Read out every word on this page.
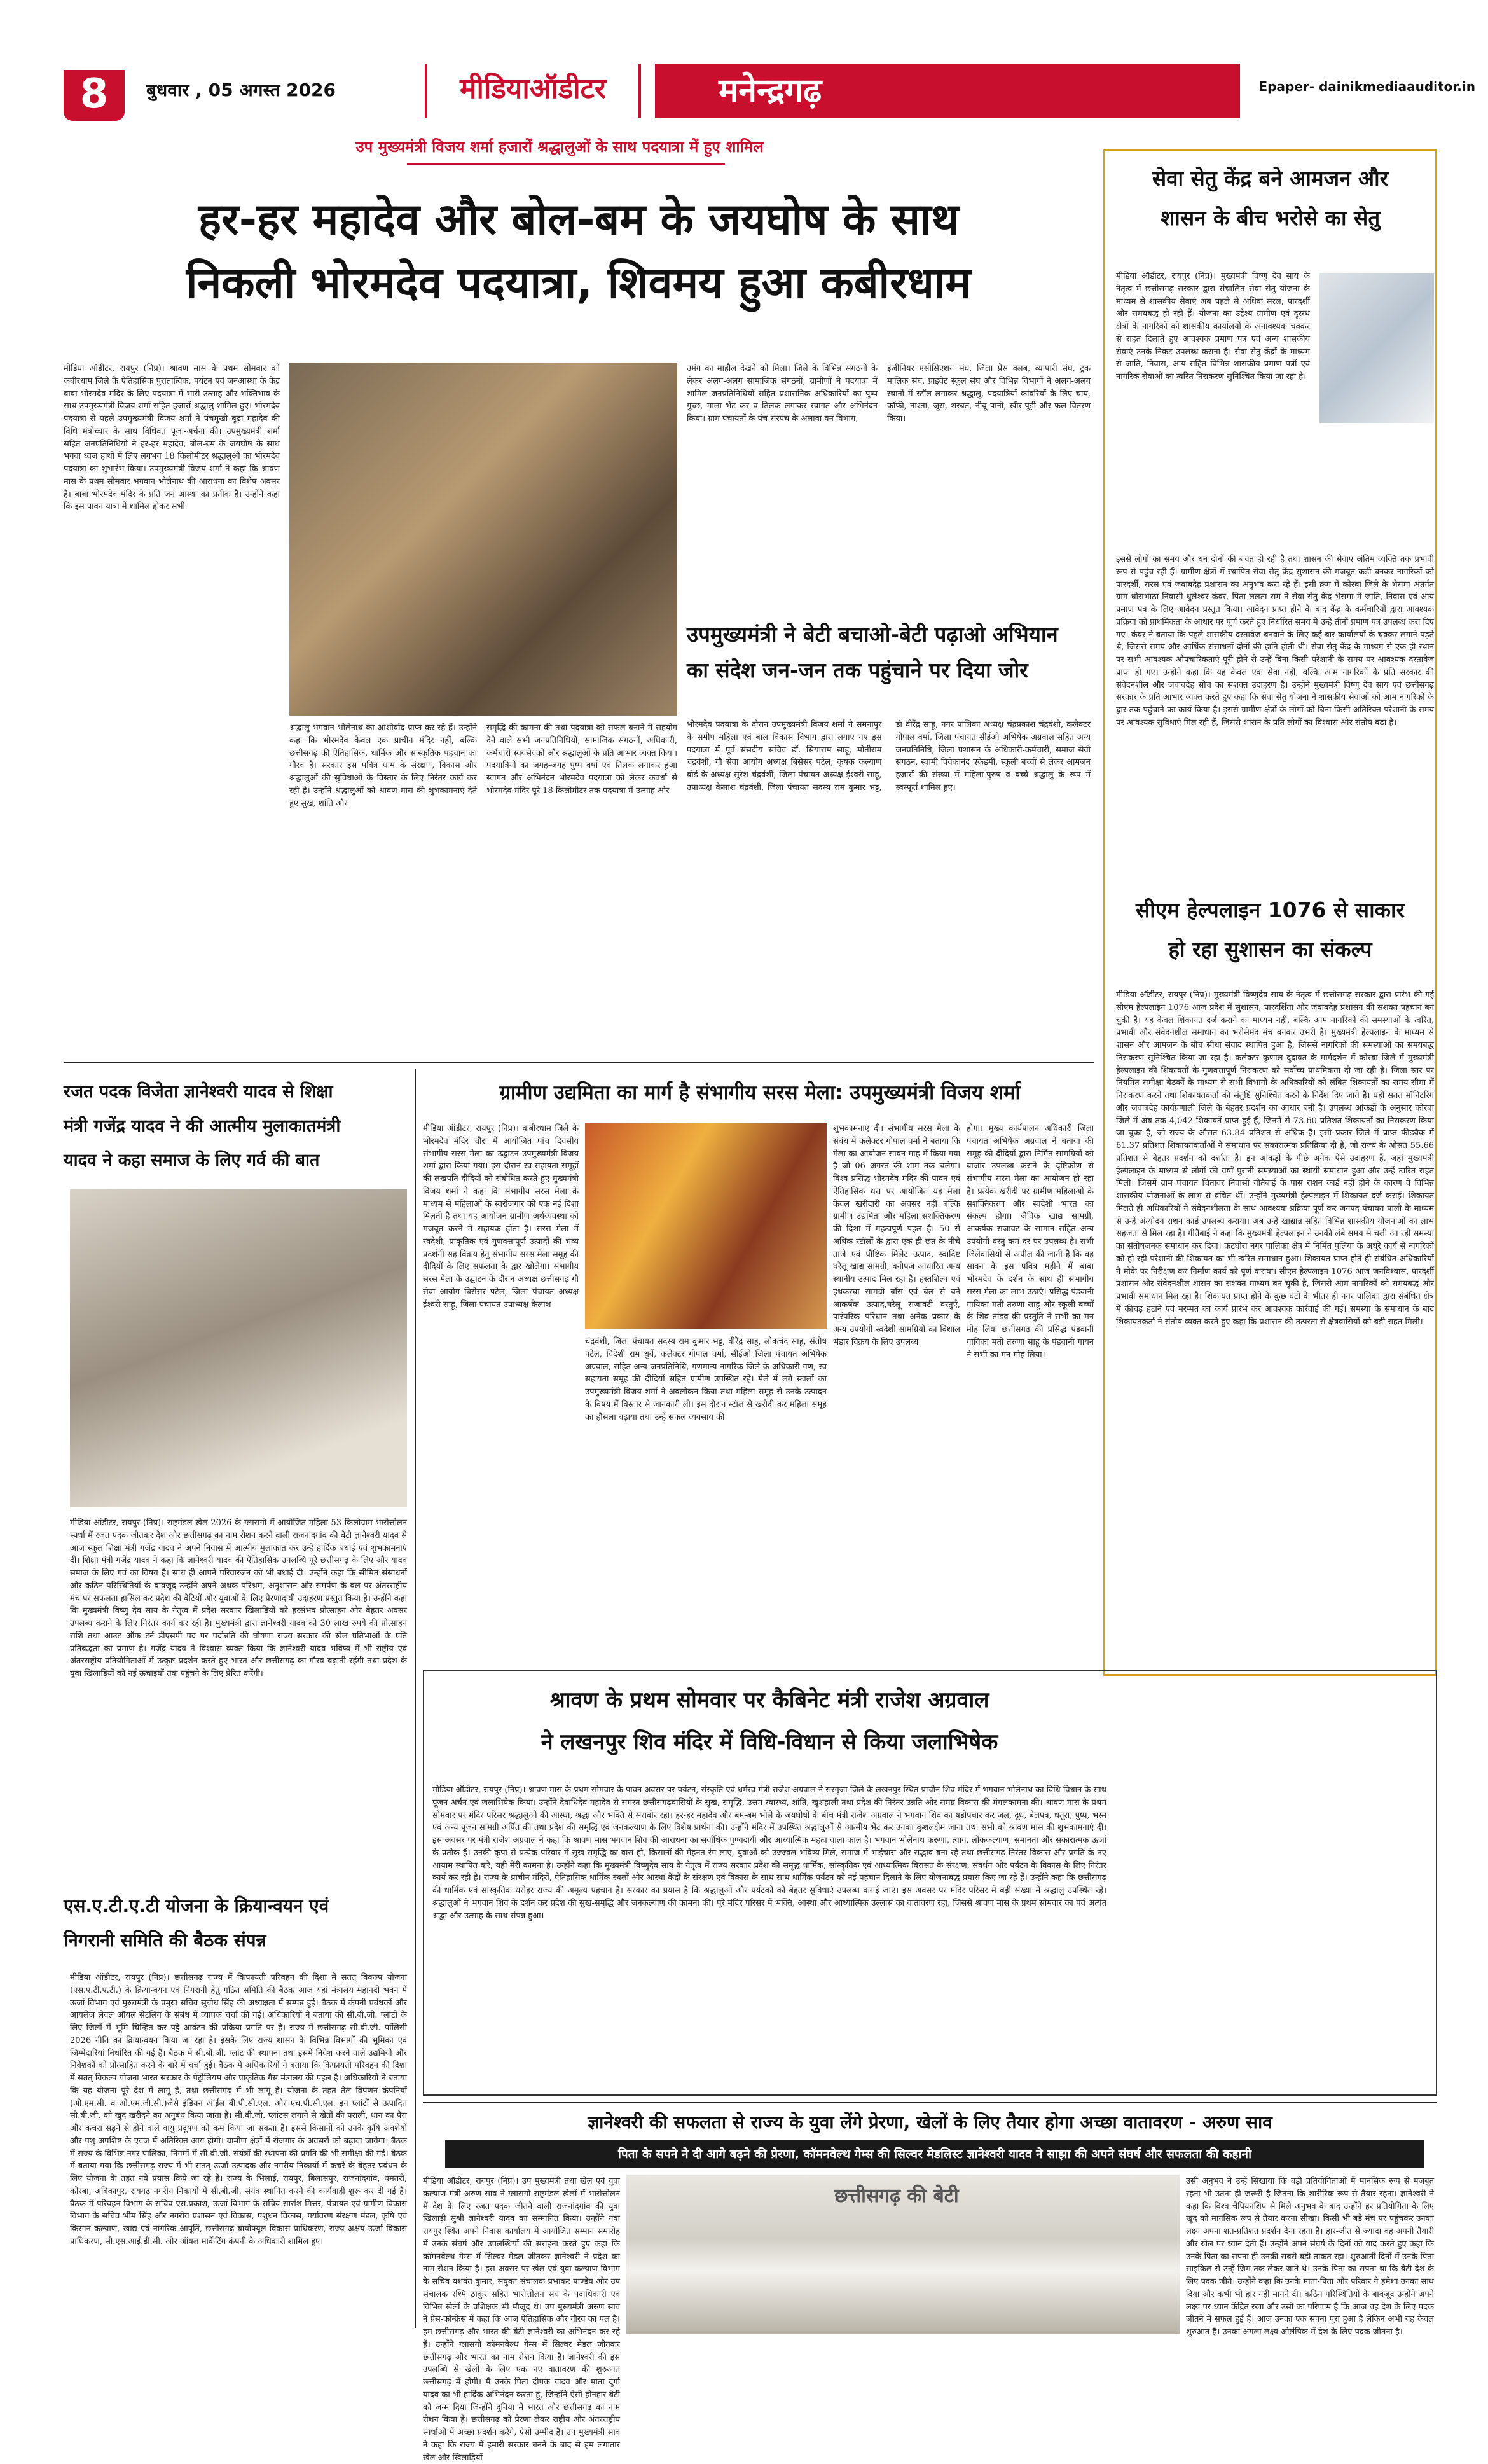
8	बुधवार , 05 अगस्त 2026	मीडियाऑडीटर	मनेन्द्रगढ़	Epaper- dainikmediaauditor.in
उप मुख्यमंत्री विजय शर्मा हजारों श्रद्धालुओं के साथ पदयात्रा में हुए शामिल
हर-हर महादेव और बोल-बम के जयघोष के साथ
निकली भोरमदेव पदयात्रा, शिवमय हुआ कबीरधाम

मीडिया ऑडीटर, रायपुर (निप्र)। श्रावण मास के प्रथम सोमवार को कबीरधाम जिले के ऐतिहासिक पुरातात्विक, पर्यटन एवं जनआस्था के केंद्र बाबा भोरमदेव मंदिर के लिए पदयात्रा में भारी उत्साह और भक्तिभाव के साथ उपमुख्यमंत्री विजय शर्मा सहित हजारों श्रद्धालु शामिल हुए। भोरमदेव पदयात्रा से पहले उपमुख्यमंत्री विजय शर्मा ने पंचमुखी बूढ़ा महादेव की विधि मंत्रोच्चार के साथ विधिवत पूजा-अर्चना की। उपमुख्यमंत्री शर्मा सहित जनप्रतिनिधियों ने हर-हर महादेव, बोल-बम के जयघोष के साथ भगवा ध्वज हाथों में लिए लगभग 18 किलोमीटर श्रद्धालुओं का भोरमदेव पदयात्रा का शुभारंभ किया। उपमुख्यमंत्री विजय शर्मा ने कहा कि श्रावण मास के प्रथम सोमवार भगवान भोलेनाथ की आराधना का विशेष अवसर है। बाबा भोरमदेव मंदिर के प्रति जन आस्था का प्रतीक है। उन्होंने कहा कि इस पावन यात्रा में शामिल होकर सभी

श्रद्धालु भगवान भोलेनाथ का आशीर्वाद प्राप्त कर रहे हैं। उन्होंने कहा कि भोरमदेव केवल एक प्राचीन मंदिर नहीं, बल्कि छत्तीसगढ़ की ऐतिहासिक, धार्मिक और सांस्कृतिक पहचान का गौरव है। सरकार इस पवित्र धाम के संरक्षण, विकास और श्रद्धालुओं की सुविधाओं के विस्तार के लिए निरंतर कार्य कर रही है। उन्होंने श्रद्धालुओं को श्रावण मास की शुभकामनाएं देते हुए सुख, शांति और

समृद्धि की कामना की तथा पदयात्रा को सफल बनाने में सहयोग देने वाले सभी जनप्रतिनिधियों, सामाजिक संगठनों, अधिकारी, कर्मचारी स्वयंसेवकों और श्रद्धालुओं के प्रति आभार व्यक्त किया।पदयात्रियों का जगह-जगह पुष्प वर्षा एवं तिलक लगाकर हुआ स्वागत और अभिनंदन भोरमदेव पदयात्रा को लेकर कवर्धा से भोरमदेव मंदिर पूरे 18 किलोमीटर तक पदयात्रा में उत्साह और

उमंग का माहौल देखने को मिला। जिले के विभिन्न संगठनों के लेकर अलग-अलग सामाजिक संगठनों, ग्रामीणों ने पदयात्रा में शामिल जनप्रतिनिधियों सहित प्रशासनिक अधिकारियों का पुष्प गुच्छ, माला भेंट कर व तिलक लगाकर स्वागत और अभिनंदन किया। ग्राम पंचायतों के पंच-सरपंच के अलावा वन विभाग,

इंजीनियर एसोसिएशन संघ, जिला प्रेस क्लब, व्यापारी संघ, ट्रक मालिक संघ, प्राइवेट स्कूल संघ और विभिन्न विभागों ने अलग-अलग स्थानों में स्टॉल लगाकर श्रद्धालु, पदयात्रियों कांवरियों के लिए चाय, कॉफी, नाश्ता, जूस, शरबत, नीबू पानी, खीर-पुड़ी और फल वितरण किया।

उपमुख्यमंत्री ने बेटी बचाओ-बेटी पढ़ाओ अभियान
का संदेश जन-जन तक पहुंचाने पर दिया जोर

भोरमदेव पदयात्रा के दौरान उपमुख्यमंत्री विजय शर्मा ने समनापुर के समीप महिला एवं बाल विकास विभाग द्वारा लगाए गए इस पदयात्रा में पूर्व संसदीय सचिव डॉ. सियाराम साहू, मोतीराम चंद्रवंशी, गौ सेवा आयोग अध्यक्ष बिसेसर पटेल, कृषक कल्याण बोर्ड के अध्यक्ष सुरेश चंद्रवंशी, जिला पंचायत अध्यक्ष ईश्वरी साहू, उपाध्यक्ष कैलाश चंद्रवंशी, जिला पंचायत सदस्य राम कुमार भट्ट, डॉ वीरेंद्र साहू, नगर पालिका अध्यक्ष चंद्रप्रकाश चंद्रवंशी, कलेक्टर गोपाल वर्मा, जिला पंचायत सीईओ अभिषेक अग्रवाल सहित अन्य जनप्रतिनिधि, जिला प्रशासन के अधिकारी-कर्मचारी, समाज सेवी संगठन, स्वामी विवेकानंद एकेडमी, स्कूली बच्चों से लेकर आमजन हजारों की संख्या में महिला-पुरुष व बच्चे श्रद्धालु के रूप में स्वस्फूर्त शामिल हुए।

सेवा सेतु केंद्र बने आमजन और
शासन के बीच भरोसे का सेतु

मीडिया ऑडीटर, रायपुर (निप्र)। मुख्यमंत्री विष्णु देव साय के नेतृत्व में छत्तीसगढ़ सरकार द्वारा संचालित सेवा सेतु योजना के माध्यम से शासकीय सेवाएं अब पहले से अधिक सरल, पारदर्शी और समयबद्ध हो रही हैं। योजना का उद्देश्य ग्रामीण एवं दूरस्थ क्षेत्रों के नागरिकों को शासकीय कार्यालयों के अनावश्यक चक्कर से राहत दिलाते हुए आवश्यक प्रमाण पत्र एवं अन्य शासकीय सेवाएं उनके निकट उपलब्ध कराना है। सेवा सेतु केंद्रों के माध्यम से जाति, निवास, आय सहित विभिन्न शासकीय प्रमाण पत्रों एवं नागरिक सेवाओं का त्वरित निराकरण सुनिश्चित किया जा रहा है।

इससे लोगों का समय और धन दोनों की बचत हो रही है तथा शासन की सेवाएं अंतिम व्यक्ति तक प्रभावी रूप से पहुंच रही हैं। ग्रामीण क्षेत्रों में स्थापित सेवा सेतु केंद्र सुशासन की मजबूत कड़ी बनकर नागरिकों को पारदर्शी, सरल एवं जवाबदेह प्रशासन का अनुभव करा रहे हैं। इसी क्रम में कोरबा जिले के भैसमा अंतर्गत ग्राम धौराभाठा निवासी धुलेश्वर कंवर, पिता ललता राम ने सेवा सेतु केंद्र भैसमा में जाति, निवास एवं आय प्रमाण पत्र के लिए आवेदन प्रस्तुत किया। आवेदन प्राप्त होने के बाद केंद्र के कर्मचारियों द्वारा आवश्यक प्रक्रिया को प्राथमिकता के आधार पर पूर्ण करते हुए निर्धारित समय में उन्हें तीनों प्रमाण पत्र उपलब्ध करा दिए गए। कंवर ने बताया कि पहले शासकीय दस्तावेज बनवाने के लिए कई बार कार्यालयों के चक्कर लगाने पड़ते थे, जिससे समय और आर्थिक संसाधनों दोनों की हानि होती थी। सेवा सेतु केंद्र के माध्यम से एक ही स्थान पर सभी आवश्यक औपचारिकताएं पूरी होने से उन्हें बिना किसी परेशानी के समय पर आवश्यक दस्तावेज प्राप्त हो गए। उन्होंने कहा कि यह केवल एक सेवा नहीं, बल्कि आम नागरिकों के प्रति सरकार की संवेदनशील और जवाबदेह सोच का सशक्त उदाहरण है। उन्होंने मुख्यमंत्री विष्णु देव साय एवं छत्तीसगढ़ सरकार के प्रति आभार व्यक्त करते हुए कहा कि सेवा सेतु योजना ने शासकीय सेवाओं को आम नागरिकों के द्वार तक पहुंचाने का कार्य किया है। इससे ग्रामीण क्षेत्रों के लोगों को बिना किसी अतिरिक्त परेशानी के समय पर आवश्यक सुविधाएं मिल रही हैं, जिससे शासन के प्रति लोगों का विश्वास और संतोष बढ़ा है।

सीएम हेल्पलाइन 1076 से साकार
हो रहा सुशासन का संकल्प

मीडिया ऑडीटर, रायपुर (निप्र)। मुख्यमंत्री विष्णुदेव साय के नेतृत्व में छत्तीसगढ़ सरकार द्वारा प्रारंभ की गई सीएम हेल्पलाइन 1076 आज प्रदेश में सुशासन, पारदर्शिता और जवाबदेह प्रशासन की सशक्त पहचान बन चुकी है। यह केवल शिकायत दर्ज कराने का माध्यम नहीं, बल्कि आम नागरिकों की समस्याओं के त्वरित, प्रभावी और संवेदनशील समाधान का भरोसेमंद मंच बनकर उभरी है। मुख्यमंत्री हेल्पलाइन के माध्यम से शासन और आमजन के बीच सीधा संवाद स्थापित हुआ है, जिससे नागरिकों की समस्याओं का समयबद्ध निराकरण सुनिश्चित किया जा रहा है। कलेक्टर कुणाल दुदावत के मार्गदर्शन में कोरबा जिले में मुख्यमंत्री हेल्पलाइन की शिकायतों के गुणवत्तापूर्ण निराकरण को सर्वोच्च प्राथमिकता दी जा रही है। जिला स्तर पर नियमित समीक्षा बैठकों के माध्यम से सभी विभागों के अधिकारियों को लंबित शिकायतों का समय-सीमा में निराकरण करने तथा शिकायतकर्ता की संतुष्टि सुनिश्चित करने के निर्देश दिए जाते हैं। यही सतत मॉनिटरिंग और जवाबदेह कार्यप्रणाली जिले के बेहतर प्रदर्शन का आधार बनी है। उपलब्ध आंकड़ों के अनुसार कोरबा जिले में अब तक 4,042 शिकायतें प्राप्त हुई हैं, जिनमें से 73.60 प्रतिशत शिकायतों का निराकरण किया जा चुका है, जो राज्य के औसत 63.84 प्रतिशत से अधिक है। इसी प्रकार जिले में प्राप्त फीडबैक में 61.37 प्रतिशत शिकायतकर्ताओं ने समाधान पर सकारात्मक प्रतिक्रिया दी है, जो राज्य के औसत 55.66 प्रतिशत से बेहतर प्रदर्शन को दर्शाता है। इन आंकड़ों के पीछे अनेक ऐसे उदाहरण हैं, जहां मुख्यमंत्री हेल्पलाइन के माध्यम से लोगों की वर्षों पुरानी समस्याओं का स्थायी समाधान हुआ और उन्हें त्वरित राहत मिली। जिसमें ग्राम पंचायत चितावर निवासी गीतैबाई के पास राशन कार्ड नहीं होने के कारण वे विभिन्न शासकीय योजनाओं के लाभ से वंचित थीं। उन्होंने मुख्यमंत्री हेल्पलाइन में शिकायत दर्ज कराई। शिकायत मिलते ही अधिकारियों ने संवेदनशीलता के साथ आवश्यक प्रक्रिया पूर्ण कर जनपद पंचायत पाली के माध्यम से उन्हें अंत्योदय राशन कार्ड उपलब्ध कराया। अब उन्हें खाद्यान्न सहित विभिन्न शासकीय योजनाओं का लाभ सहजता से मिल रहा है। गीतैबाई ने कहा कि मुख्यमंत्री हेल्पलाइन ने उनकी लंबे समय से चली आ रही समस्या का संतोषजनक समाधान कर दिया। कटघोरा नगर पालिका क्षेत्र में निर्मित पुलिया के अधूरे कार्य से नागरिकों को हो रही परेशानी की शिकायत का भी त्वरित समाधान हुआ। शिकायत प्राप्त होते ही संबंधित अधिकारियों ने मौके पर निरीक्षण कर निर्माण कार्य को पूर्ण कराया। सीएम हेल्पलाइन 1076 आज जनविश्वास, पारदर्शी प्रशासन और संवेदनशील शासन का सशक्त माध्यम बन चुकी है, जिससे आम नागरिकों को समयबद्ध और प्रभावी समाधान मिल रहा है। शिकायत प्राप्त होने के कुछ घंटों के भीतर ही नगर पालिका द्वारा संबंधित क्षेत्र में कीचड़ हटाने एवं मरम्मत का कार्य प्रारंभ कर आवश्यक कार्रवाई की गई। समस्या के समाधान के बाद शिकायतकर्ता ने संतोष व्यक्त करते हुए कहा कि प्रशासन की तत्परता से क्षेत्रवासियों को बड़ी राहत मिली।

रजत पदक विजेता ज्ञानेश्वरी यादव से शिक्षा
मंत्री गजेंद्र यादव ने की आत्मीय मुलाकातमंत्री
यादव ने कहा समाज के लिए गर्व की बात

मीडिया ऑडीटर, रायपुर (निप्र)। राष्ट्रमंडल खेल 2026 के ग्लासगो में आयोजित महिला 53 किलोग्राम भारोत्तोलन स्पर्धा में रजत पदक जीतकर देश और छत्तीसगढ़ का नाम रोशन करने वाली राजनांदगांव की बेटी ज्ञानेश्वरी यादव से आज स्कूल शिक्षा मंत्री गजेंद्र यादव ने अपने निवास में आत्मीय मुलाकात कर उन्हें हार्दिक बधाई एवं शुभकामनाएं दीं। शिक्षा मंत्री गजेंद्र यादव ने कहा कि ज्ञानेश्वरी यादव की ऐतिहासिक उपलब्धि पूरे छत्तीसगढ़ के लिए और यादव समाज के लिए गर्व का विषय है। साथ ही आपने परिवारजन को भी बधाई दी। उन्होंने कहा कि सीमित संसाधनों और कठिन परिस्थितियों के बावजूद उन्होंने अपने अथक परिश्रम, अनुशासन और समर्पण के बल पर अंतरराष्ट्रीय मंच पर सफलता हासिल कर प्रदेश की बेटियों और युवाओं के लिए प्रेरणादायी उदाहरण प्रस्तुत किया है। उन्होंने कहा कि मुख्यमंत्री विष्णु देव साय के नेतृत्व में प्रदेश सरकार खिलाड़ियों को हरसंभव प्रोत्साहन और बेहतर अवसर उपलब्ध कराने के लिए निरंतर कार्य कर रही है। मुख्यमंत्री द्वारा ज्ञानेश्वरी यादव को 30 लाख रुपये की प्रोत्साहन राशि तथा आउट ऑफ टर्न डीएसपी पद पर पदोन्नति की घोषणा राज्य सरकार की खेल प्रतिभाओं के प्रति प्रतिबद्धता का प्रमाण है। गजेंद्र यादव ने विश्वास व्यक्त किया कि ज्ञानेश्वरी यादव भविष्य में भी राष्ट्रीय एवं अंतरराष्ट्रीय प्रतियोगिताओं में उत्कृष्ट प्रदर्शन करते हुए भारत और छत्तीसगढ़ का गौरव बढ़ाती रहेंगी तथा प्रदेश के युवा खिलाड़ियों को नई ऊंचाइयों तक पहुंचने के लिए प्रेरित करेंगी।

एस.ए.टी.ए.टी योजना के क्रियान्वयन एवं
निगरानी समिति की बैठक संपन्न

मीडिया ऑडीटर, रायपुर (निप्र)। छत्तीसगढ़ राज्य में किफायती परिवहन की दिशा में सतत् विकल्प योजना (एस.ए.टी.ए.टी.) के क्रियान्वयन एवं निगरानी हेतु गठित समिति की बैठक आज यहां मंत्रालय महानदी भवन में ऊर्जा विभाग एवं मुख्यमंत्री के प्रमुख सचिव सुबोध सिंह की अध्यक्षता में सम्पन्न हुई। बैठक में कंपनी प्रबंधकों और आयलेज लेवल ऑयल सेटलिंग के संबंध में व्यापक चर्चा की गई। अधिकारियों ने बताया की सी.बी.जी. प्लांटों के लिए जिलों में भूमि चिन्हित कर पट्टे आवंटन की प्रक्रिया प्रगति पर है। राज्य में छत्तीसगढ़ सी.बी.जी. पॉलिसी 2026 नीति का क्रियान्वयन किया जा रहा है। इसके लिए राज्य शासन के विभिन्न विभागों की भूमिका एवं जिम्मेदारियां निर्धारित की गई हैं। बैठक में सी.बी.जी. प्लांट की स्थापना तथा इसमें निवेश करने वाले उद्यमियों और निवेशकों को प्रोत्साहित करने के बारे में चर्चा हुई। बैठक में अधिकारियों ने बताया कि किफायती परिवहन की दिशा में सतत् विकल्प योजना भारत सरकार के पेट्रोलियम और प्राकृतिक गैस मंत्रालय की पहल है। अधिकारियों ने बताया कि यह योजना पूरे देश में लागू है, तथा छत्तीसगढ़ में भी लागू है। योजना के तहत तेल विपणन कंपनियों (ओ.एम.सी. व ओ.एम.जी.सी.)जैसे इंडियन ऑईल बी.पी.सी.एल. और एच.पी.सी.एल. इन प्लांटों से उत्पादित सी.बी.जी. को खुद खरीदने का अनुबंध किया जाता है। सी.बी.जी. प्लांटस लगाने से खेतों की पराली, धान का पैरा और कचरा सड़ने से होने वाले वायु प्रदूषण को कम किया जा सकता है। इससे किसानों को उनके कृषि अवशेषों और पशु अपशिष्ट के एवज में अतिरिक्त आय होगी। ग्रामीण क्षेत्रों में रोजगार के अवसरों को बढ़ावा जायेगा। बैठक में राज्य के विभिन्न नगर पालिका, निगमों में सी.बी.जी. संयंत्रों की स्थापना की प्रगति की भी समीक्षा की गई। बैठक में बताया गया कि छत्तीसगढ़ राज्य में भी सतत् ऊर्जा उत्पादक और नगरीय निकायों में कचरे के बेहतर प्रबंधन के लिए योजना के तहत नये प्रयास किये जा रहे हैं। राज्य के भिलाई, रायपुर, बिलासपुर, राजनांदगांव, धमतरी, कोरबा, अंबिकापुर, रायगढ़ नगरीय निकायों में सी.बी.जी. संयंत्र स्थापित करने की कार्यवाही शुरू कर दी गई है। बैठक में परिवहन विभाग के सचिव एस.प्रकाश, ऊर्जा विभाग के सचिव सारांश मित्तर, पंचायत एवं ग्रामीण विकास विभाग के सचिव भीम सिंह और नगरीय प्रशासन एवं विकास, पशुधन विकास, पर्यावरण संरक्षण मंडल, कृषि एवं किसान कल्याण, खाद्य एवं नागरिक आपूर्ति, छत्तीसगढ़ बायोफ्यूल विकास प्राधिकरण, राज्य अक्षय ऊर्जा विकास प्राधिकरण, सी.एस.आई.डी.सी. और ऑयल मार्केटिंग कंपनी के अधिकारी शामिल हुए।

ग्रामीण उद्यमिता का मार्ग है संभागीय सरस मेला: उपमुख्यमंत्री विजय शर्मा

मीडिया ऑडीटर, रायपुर (निप्र)। कबीरधाम जिले के भोरमदेव मंदिर चौरा में आयोजित पांच दिवसीय संभागीय सरस मेला का उद्घाटन उपमुख्यमंत्री विजय शर्मा द्वारा किया गया। इस दौरान स्व-सहायता समूहों की लखपति दीदियों को संबोधित करते हुए मुख्यमंत्री विजय शर्मा ने कहा कि संभागीय सरस मेला के माध्यम से महिलाओं के स्वरोजगार को एक नई दिशा मिलती है तथा यह आयोजन ग्रामीण अर्थव्यवस्था को मजबूत करने में सहायक होता है। सरस मेला में स्वदेशी, प्राकृतिक एवं गुणवत्तापूर्ण उत्पादों की भव्य प्रदर्शनी सह विक्रय हेतु संभागीय सरस मेला समूह की दीदियों के लिए सफलता के द्वार खोलेगा। संभागीय सरस मेला के उद्घाटन के दौरान अध्यक्ष छत्तीसगढ़ गौ सेवा आयोग बिसेसर पटेल, जिला पंचायत अध्यक्ष ईश्वरी साहू, जिला पंचायत उपाध्यक्ष कैलाश

चंद्रवंशी, जिला पंचायत सदस्य राम कुमार भट्ट, वीरेंद्र साहू, लोकचंद साहू, संतोष पटेल, विदेशी राम धुर्वे, कलेक्टर गोपाल वर्मा, सीईओ जिला पंचायत अभिषेक अग्रवाल, सहित अन्य जनप्रतिनिधि, गणमान्य नागरिक जिले के अधिकारी गण, स्व सहायता समूह की दीदियों सहित ग्रामीण उपस्थित रहे। मेले में लगे स्टालों का उपमुख्यमंत्री विजय शर्मा ने अवलोकन किया तथा महिला समूह से उनके उत्पादन के विषय में विस्तार से जानकारी ली। इस दौरान स्टॉल से खरीदी कर महिला समूह का हौसला बढ़ाया तथा उन्हें सफल व्यवसाय की

शुभकामनाएं दी। संभागीय सरस मेला के संबंध में कलेक्टर गोपाल वर्मा ने बताया कि मेला का आयोजन सावन माह में किया गया है जो 06 अगस्त की शाम तक चलेगा। विश्व प्रसिद्ध भोरमदेव मंदिर की पावन एवं ऐतिहासिक धरा पर आयोजित यह मेला केवल खरीदारी का अवसर नहीं बल्कि ग्रामीण उद्यमिता और महिला सशक्तिकरण की दिशा में महत्वपूर्ण पहल है। 50 से अधिक स्टॉलों के द्वारा एक ही छत के नीचे ताजे एवं पौष्टिक मिलेट उत्पाद, स्वादिष्ट घरेलू खाद्य सामग्री, वनोपज आधारित अन्य स्थानीय उत्पाद मिल रहा है। हस्तशिल्प एवं हथकरघा सामग्री बाँस एवं बेल से बने आकर्षक उत्पाद,घरेलू सजावटी वस्तुएँ, पारंपरिक परिधान तथा अनेक प्रकार के अन्य उपयोगी स्वदेशी सामग्रियों का विशाल भंडार विक्रय के लिए उपलब्ध

होगा। मुख्य कार्यपालन अधिकारी जिला पंचायत अभिषेक अग्रवाल ने बताया की समूह की दीदियों द्वारा निर्मित सामग्रियों को बाजार उपलब्ध कराने के दृष्टिकोण से संभागीय सरस मेला का आयोजन हो रहा है। प्रत्येक खरीदी पर ग्रामीण महिलाओं के सशक्तिकरण और स्वदेशी भारत का संकल्प होगा। जैविक खाद्य सामग्री, आकर्षक सजावट के सामान सहित अन्य उपयोगी वस्तु कम दर पर उपलब्ध है। सभी जिलेवासियों से अपील की जाती है कि वह सावन के इस पवित्र महीने में बाबा भोरमदेव के दर्शन के साथ ही संभागीय सरस मेला का लाभ उठाएं। प्रसिद्ध पंडवानी गायिका मती तरुणा साहू और स्कूली बच्चों के शिव तांडव की प्रस्तुति ने सभी का मन मोह लिया छत्तीसगढ़ की प्रसिद्ध पंडवानी गायिका मती तरुणा साहू के पंडवानी गायन ने सभी का मन मोह लिया।

श्रावण के प्रथम सोमवार पर कैबिनेट मंत्री राजेश अग्रवाल
ने लखनपुर शिव मंदिर में विधि-विधान से किया जलाभिषेक

मीडिया ऑडीटर, रायपुर (निप्र)। श्रावण मास के प्रथम सोमवार के पावन अवसर पर पर्यटन, संस्कृति एवं धर्मस्व मंत्री राजेश अग्रवाल ने सरगुजा जिले के लखनपुर स्थित प्राचीन शिव मंदिर में भगवान भोलेनाथ का विधि-विधान के साथ पूजन-अर्चन एवं जलाभिषेक किया। उन्होंने देवाधिदेव महादेव से समस्त छत्तीसगढ़वासियों के सुख, समृद्धि, उत्तम स्वास्थ्य, शांति, खुशहाली तथा प्रदेश की निरंतर उन्नति और समग्र विकास की मंगलकामना की। श्रावण मास के प्रथम सोमवार पर मंदिर परिसर श्रद्धालुओं की आस्था, श्रद्धा और भक्ति से सराबोर रहा। हर-हर महादेव और बम-बम भोले के जयघोषों के बीच मंत्री राजेश अग्रवाल ने भगवान शिव का षडोपचार कर जल, दूध, बेलपत्र, धतूरा, पुष्प, भस्म एवं अन्य पूजन सामग्री अर्पित की तथा प्रदेश की समृद्धि एवं जनकल्याण के लिए विशेष प्रार्थना की। उन्होंने मंदिर में उपस्थित श्रद्धालुओं से आत्मीय भेंट कर उनका कुशलक्षेम जाना तथा सभी को श्रावण मास की शुभकामनाएं दीं। इस अवसर पर मंत्री राजेश अग्रवाल ने कहा कि श्रावण मास भगवान शिव की आराधना का सर्वाधिक पुण्यदायी और आध्यात्मिक महत्व वाला काल है। भगवान भोलेनाथ करुणा, त्याग, लोककल्याण, समानता और सकारात्मक ऊर्जा के प्रतीक हैं। उनकी कृपा से प्रत्येक परिवार में सुख-समृद्धि का वास हो, किसानों की मेहनत रंग लाए, युवाओं को उज्ज्वल भविष्य मिले, समाज में भाईचारा और सद्भाव बना रहे तथा छत्तीसगढ़ निरंतर विकास और प्रगति के नए आयाम स्थापित करे, यही मेरी कामना है। उन्होंने कहा कि मुख्यमंत्री विष्णुदेव साय के नेतृत्व में राज्य सरकार प्रदेश की समृद्ध धार्मिक, सांस्कृतिक एवं आध्यात्मिक विरासत के संरक्षण, संवर्धन और पर्यटन के विकास के लिए निरंतर कार्य कर रही है। राज्य के प्राचीन मंदिरों, ऐतिहासिक धार्मिक स्थलों और आस्था केंद्रों के संरक्षण एवं विकास के साथ-साथ धार्मिक पर्यटन को नई पहचान दिलाने के लिए योजनाबद्ध प्रयास किए जा रहे हैं। उन्होंने कहा कि छत्तीसगढ़ की धार्मिक एवं सांस्कृतिक धरोहर राज्य की अमूल्य पहचान है। सरकार का प्रयास है कि श्रद्धालुओं और पर्यटकों को बेहतर सुविधाएं उपलब्ध कराई जाएं। इस अवसर पर मंदिर परिसर में बड़ी संख्या में श्रद्धालु उपस्थित रहे। श्रद्धालुओं ने भगवान शिव के दर्शन कर प्रदेश की सुख-समृद्धि और जनकल्याण की कामना की। पूरे मंदिर परिसर में भक्ति, आस्था और आध्यात्मिक उल्लास का वातावरण रहा, जिससे श्रावण मास के प्रथम सोमवार का पर्व अत्यंत श्रद्धा और उत्साह के साथ संपन्न हुआ।

ज्ञानेश्वरी की सफलता से राज्य के युवा लेंगे प्रेरणा, खेलों के लिए तैयार होगा अच्छा वातावरण - अरुण साव
पिता के सपने ने दी आगे बढ़ने की प्रेरणा, कॉमनवेल्थ गेम्स की सिल्वर मेडलिस्ट ज्ञानेश्वरी यादव ने साझा की अपने संघर्ष और सफलता की कहानी

मीडिया ऑडीटर, रायपुर (निप्र)। उप मुख्यमंत्री तथा खेल एवं युवा कल्याण मंत्री अरुण साव ने ग्लासगो राष्ट्रमंडल खेलों में भारोत्तोलन में देश के लिए रजत पदक जीतने वाली राजनांदगांव की युवा खिलाड़ी सुश्री ज्ञानेश्वरी यादव का सम्मानित किया। उन्होंने नवा रायपुर स्थित अपने निवास कार्यालय में आयोजित सम्मान समारोह में उनके संघर्ष और उपलब्धियों की सराहना करते हुए कहा कि कॉमनवेल्थ गेम्स में सिल्वर मेडल जीतकर ज्ञानेश्वरी ने प्रदेश का नाम रोशन किया है। इस अवसर पर खेल एवं युवा कल्याण विभाग के सचिव यशवंत कुमार, संयुक्त संचालक प्रभाकर पाण्डेय और उप संचालक रश्मि ठाकुर सहित भारोत्तोलन संघ के पदाधिकारी एवं विभिन्न खेलों के प्रशिक्षक भी मौजूद थे। उप मुख्यमंत्री अरुण साव ने प्रेस-कॉन्फ्रेंस में कहा कि आज ऐतिहासिक और गौरव का पल है। हम छत्तीसगढ़ और भारत की बेटी ज्ञानेश्वरी का अभिनंदन कर रहे हैं। उन्होंने ग्लासगो कॉमनवेल्थ गेम्स में सिल्वर मेडल जीतकर छत्तीसगढ़ और भारत का नाम रोशन किया है। ज्ञानेश्वरी की इस उपलब्धि से खेलों के लिए एक नए वातावरण की शुरुआत छत्तीसगढ़ में होगी। मैं उनके पिता दीपक यादव और माता दुर्गा यादव का भी हार्दिक अभिनंदन करता हूं, जिन्होंने ऐसी होनहार बेटी को जन्म दिया जिन्होंने दुनिया में भारत और छत्तीसगढ़ का नाम रोशन किया है। छत्तीसगढ़ को प्रेरणा लेकर राष्ट्रीय और अंतरराष्ट्रीय स्पर्धाओं में अच्छा प्रदर्शन करेंगे, ऐसी उम्मीद है। उप मुख्यमंत्री साव ने कहा कि राज्य में हमारी सरकार बनने के बाद से हम लगातार खेल और खिलाड़ियों

छत्तीसगढ़ की बेटी

उसी अनुभव ने उन्हें सिखाया कि बड़ी प्रतियोगिताओं में मानसिक रूप से मजबूत रहना भी उतना ही जरूरी है जितना कि शारीरिक रूप से तैयार रहना। ज्ञानेश्वरी ने कहा कि विश्व चैंपियनशिप से मिले अनुभव के बाद उन्होंने हर प्रतियोगिता के लिए खुद को मानसिक रूप से तैयार करना सीखा। किसी भी बड़े मंच पर पहुंचकर उनका लक्ष्य अपना शत-प्रतिशत प्रदर्शन देना रहता है। हार-जीत से ज्यादा वह अपनी तैयारी और खेल पर ध्यान देती हैं। उन्होंने अपने संघर्ष के दिनों को याद करते हुए कहा कि उनके पिता का सपना ही उनकी सबसे बड़ी ताकत रहा। शुरुआती दिनों में उनके पिता साइकिल से उन्हें जिम तक लेकर जाते थे। उनके पिता का सपना था कि बेटी देश के लिए पदक जीते। उन्होंने कहा कि उनके माता-पिता और परिवार ने हमेशा उनका साथ दिया और कभी भी हार नहीं मानने दी। कठिन परिस्थितियों के बावजूद उन्होंने अपने लक्ष्य पर ध्यान केंद्रित रखा और उसी का परिणाम है कि आज वह देश के लिए पदक जीतने में सफल हुई हैं। आज उनका एक सपना पूरा हुआ है लेकिन अभी यह केवल शुरुआत है। उनका अगला लक्ष्य ओलंपिक में देश के लिए पदक जीतना है।
